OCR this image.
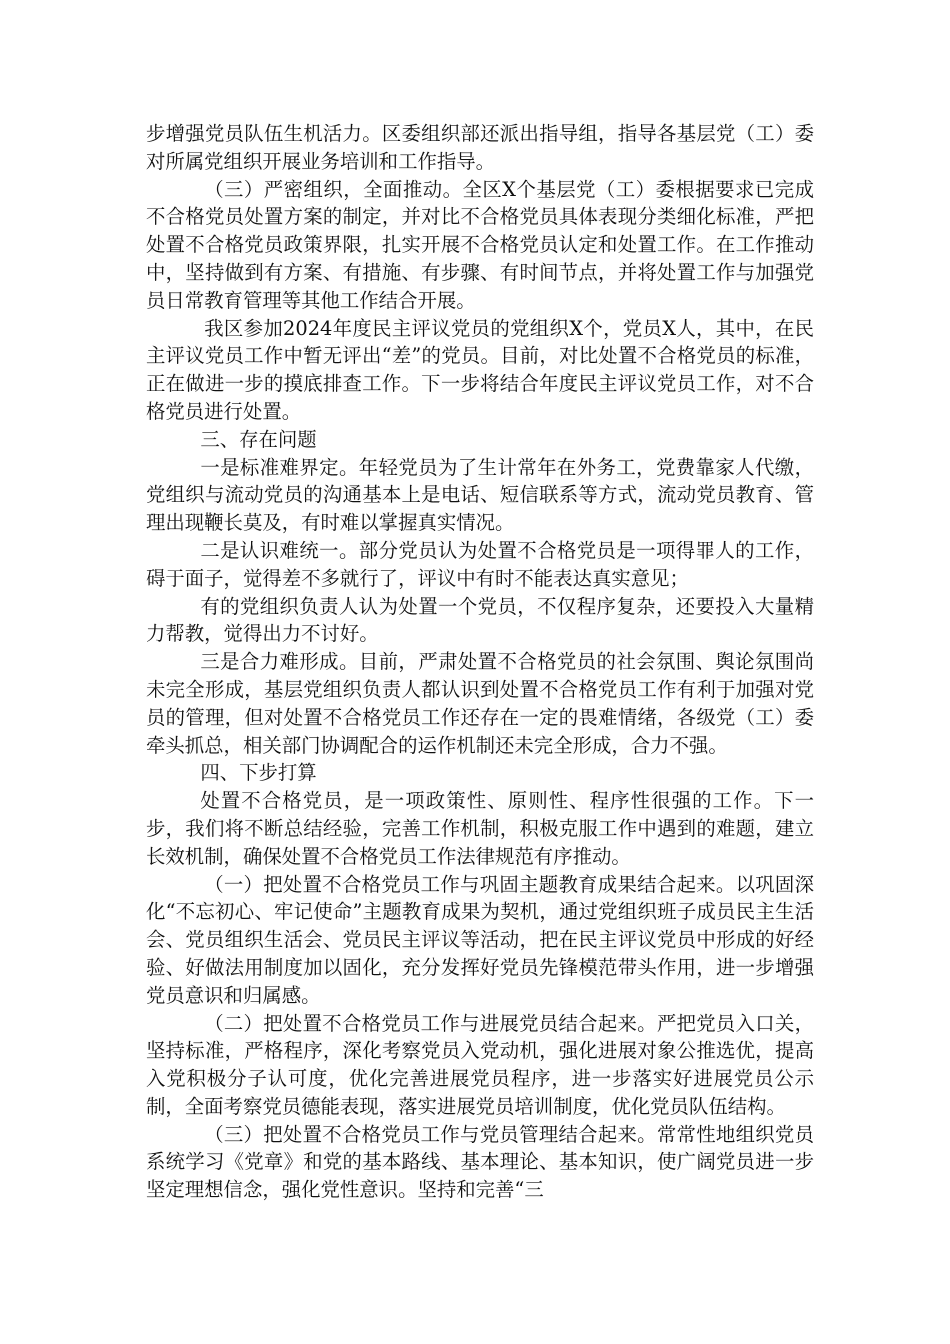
步增强党员队伍生机活力。区委组织部还派出指导组，指导各基层党（工）委对所属党组织开展业务培训和工作指导。

（三）严密组织，全面推动。全区X个基层党（工）委根据要求已完成不合格党员处置方案的制定，并对比不合格党员具体表现分类细化标准，严把处置不合格党员政策界限，扎实开展不合格党员认定和处置工作。在工作推动中，坚持做到有方案、有措施、有步骤、有时间节点，并将处置工作与加强党员日常教育管理等其他工作结合开展。

我区参加2024年度民主评议党员的党组织X个，党员X人，其中，在民主评议党员工作中暂无评出“差”的党员。目前，对比处置不合格党员的标准，正在做进一步的摸底排查工作。下一步将结合年度民主评议党员工作，对不合格党员进行处置。

三、存在问题

一是标准难界定。年轻党员为了生计常年在外务工，党费靠家人代缴，党组织与流动党员的沟通基本上是电话、短信联系等方式，流动党员教育、管理出现鞭长莫及，有时难以掌握真实情况。

二是认识难统一。部分党员认为处置不合格党员是一项得罪人的工作，碍于面子，觉得差不多就行了，评议中有时不能表达真实意见；

有的党组织负责人认为处置一个党员，不仅程序复杂，还要投入大量精力帮教，觉得出力不讨好。

三是合力难形成。目前，严肃处置不合格党员的社会氛围、舆论氛围尚未完全形成，基层党组织负责人都认识到处置不合格党员工作有利于加强对党员的管理，但对处置不合格党员工作还存在一定的畏难情绪，各级党（工）委牵头抓总，相关部门协调配合的运作机制还未完全形成，合力不强。

四、下步打算

处置不合格党员，是一项政策性、原则性、程序性很强的工作。下一步，我们将不断总结经验，完善工作机制，积极克服工作中遇到的难题，建立长效机制，确保处置不合格党员工作法律规范有序推动。

（一）把处置不合格党员工作与巩固主题教育成果结合起来。以巩固深化“不忘初心、牢记使命”主题教育成果为契机，通过党组织班子成员民主生活会、党员组织生活会、党员民主评议等活动，把在民主评议党员中形成的好经验、好做法用制度加以固化，充分发挥好党员先锋模范带头作用，进一步增强党员意识和归属感。

（二）把处置不合格党员工作与进展党员结合起来。严把党员入口关，坚持标准，严格程序，深化考察党员入党动机，强化进展对象公推选优，提高入党积极分子认可度，优化完善进展党员程序，进一步落实好进展党员公示制，全面考察党员德能表现，落实进展党员培训制度，优化党员队伍结构。

（三）把处置不合格党员工作与党员管理结合起来。常常性地组织党员系统学习《党章》和党的基本路线、基本理论、基本知识，使广阔党员进一步坚定理想信念，强化党性意识。坚持和完善“三
